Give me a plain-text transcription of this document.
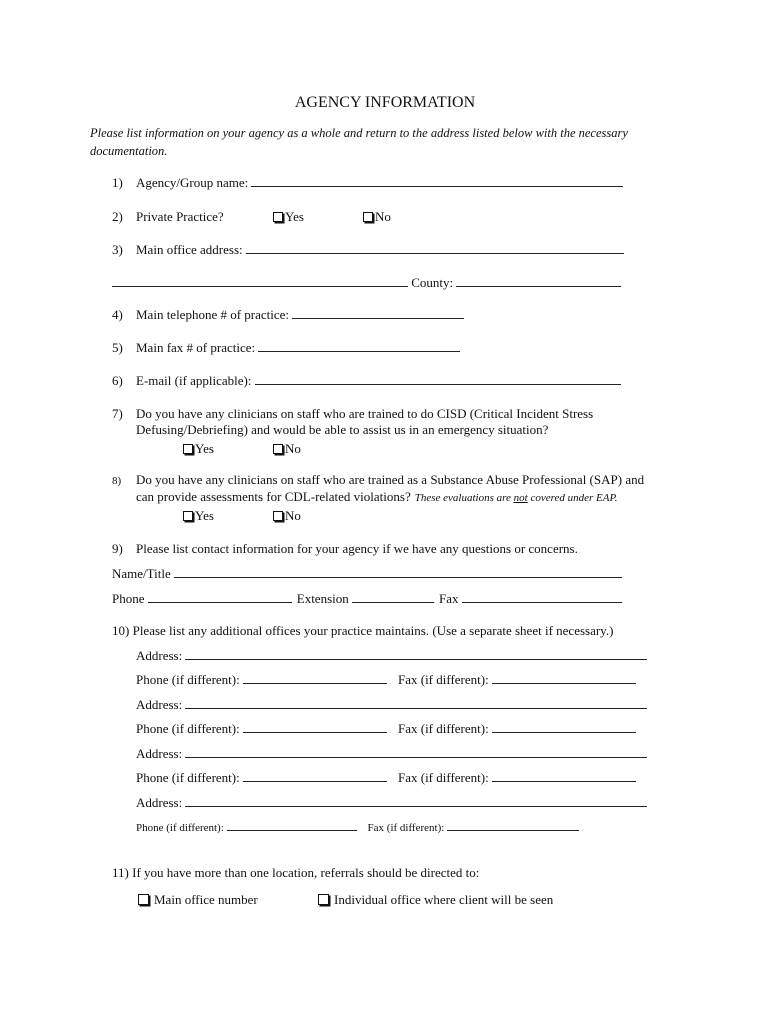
AGENCY INFORMATION
Please list information on your agency as a whole and return to the address listed below with the necessary documentation.
1) Agency/Group name:
2) Private Practice?	Yes	No
3) Main office address:
County:
4) Main telephone # of practice:
5) Main fax # of practice:
6) E-mail (if applicable):
7) Do you have any clinicians on staff who are trained to do CISD (Critical Incident Stress
Defusing/Debriefing) and would be able to assist us in an emergency situation?
Yes	No
8) Do you have any clinicians on staff who are trained as a Substance Abuse Professional (SAP) and
can provide assessments for CDL-related violations? These evaluations are not covered under EAP.
Yes	No
9) Please list contact information for your agency if we have any questions or concerns.
Name/Title
Phone	Extension	Fax
10) Please list any additional offices your practice maintains. (Use a separate sheet if necessary.)
Address:
Phone (if different):	Fax (if different):
Address:
Phone (if different):	Fax (if different):
Address:
Phone (if different):	Fax (if different):
Address:
Phone (if different):	Fax (if different):
11) If you have more than one location, referrals should be directed to:
Main office number	Individual office where client will be seen
